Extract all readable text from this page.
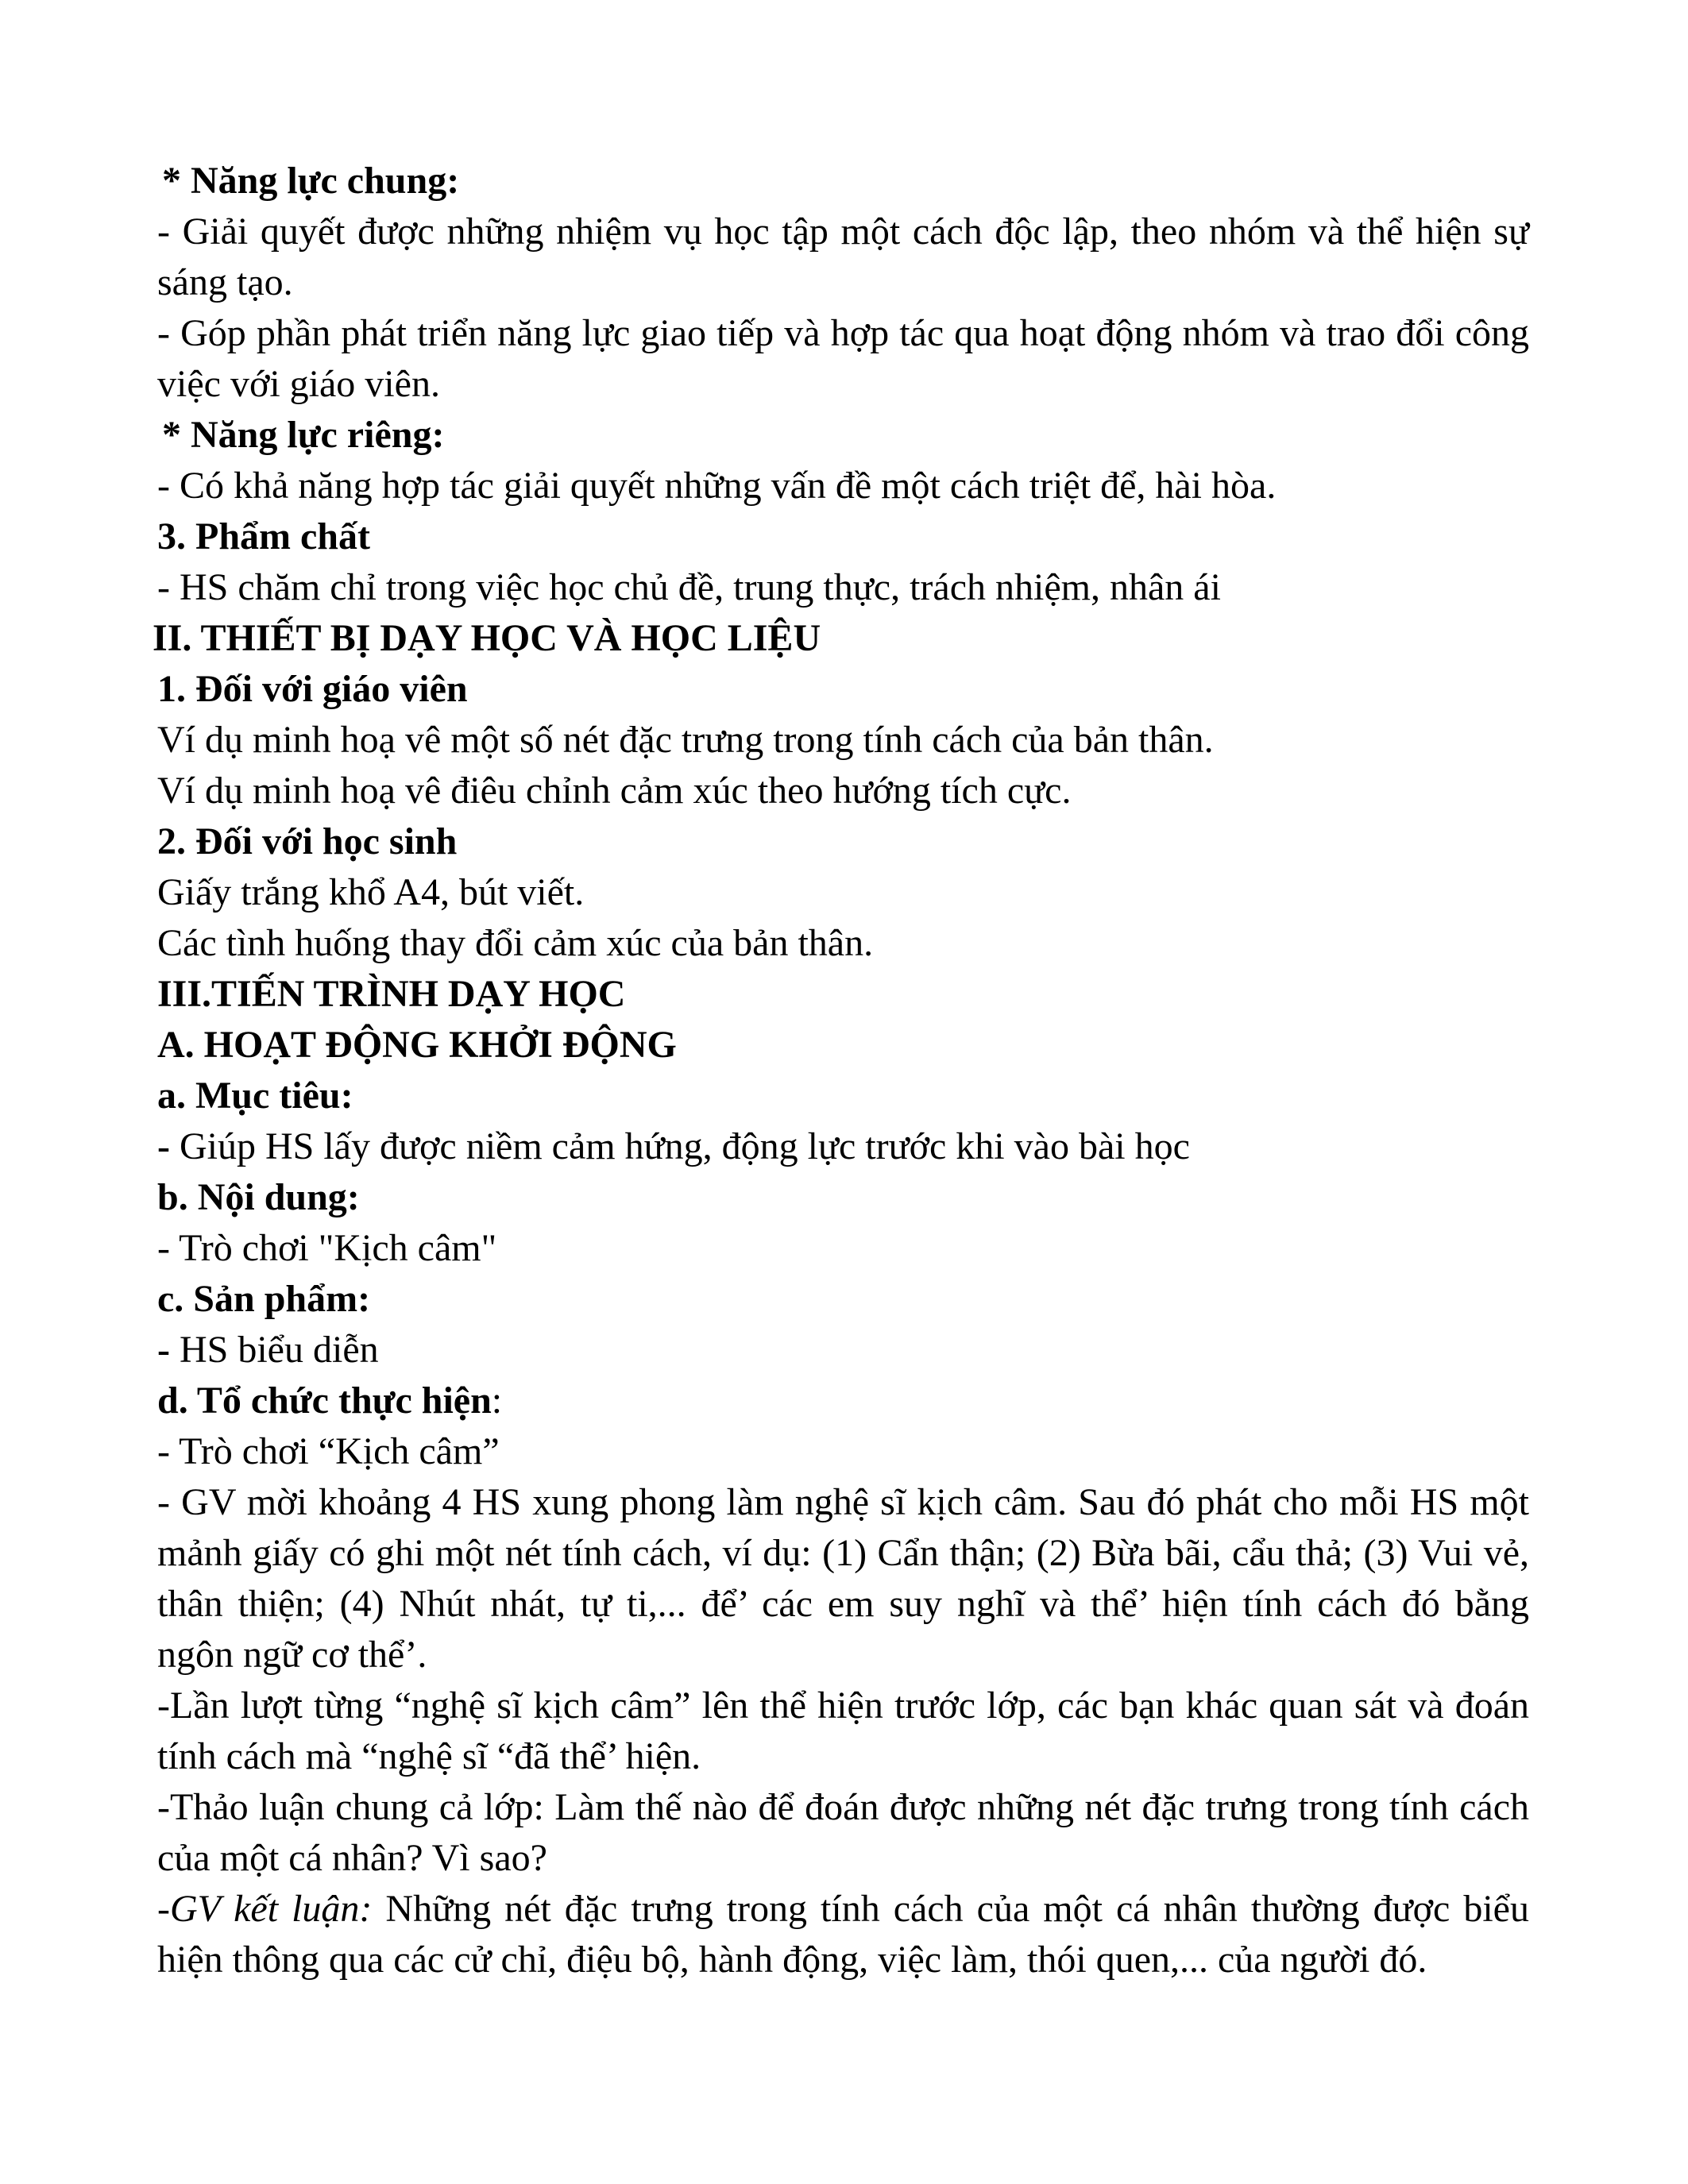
* Năng lực chung:
- Giải quyết được những nhiệm vụ học tập một cách độc lập, theo nhóm và thể hiện sự
sáng tạo.
- Góp phần phát triển năng lực giao tiếp và hợp tác qua hoạt động nhóm và trao đổi công
việc với giáo viên.
* Năng lực riêng:
- Có khả năng hợp tác giải quyết những vấn đề một cách triệt để, hài hòa.
3. Phẩm chất
- HS chăm chỉ trong việc học chủ đề, trung thực, trách nhiệm, nhân ái
II. THIẾT BỊ DẠY HỌC VÀ HỌC LIỆU
1. Đối với giáo viên
Ví dụ minh hoạ vê một số nét đặc trưng trong tính cách của bản thân.
Ví dụ minh hoạ vê điêu chỉnh cảm xúc theo hướng tích cực.
2. Đối với học sinh
Giấy trắng khổ A4, bút viết.
Các tình huống thay đổi cảm xúc của bản thân.
III.TIẾN TRÌNH DẠY HỌC
A. HOẠT ĐỘNG KHỞI ĐỘNG
a. Mục tiêu:
- Giúp HS lấy được niềm cảm hứng, động lực trước khi vào bài học
b. Nội dung:
- Trò chơi "Kịch câm"
c. Sản phẩm:
- HS biểu diễn
d. Tổ chức thực hiện:
- Trò chơi “Kịch câm”
- GV mời khoảng 4 HS xung phong làm nghệ sĩ kịch câm. Sau đó phát cho mỗi HS một
mảnh giấy có ghi một nét tính cách, ví dụ: (1) Cẩn thận; (2) Bừa bãi, cẩu thả; (3) Vui vẻ,
thân thiện; (4) Nhút nhát, tự ti,... để’ các em suy nghĩ và thể’ hiện tính cách đó bằng
ngôn ngữ cơ thể’.
-Lần lượt từng “nghệ sĩ kịch câm” lên thể hiện trước lớp, các bạn khác quan sát và đoán
tính cách mà “nghệ sĩ “đã thể’ hiện.
-Thảo luận chung cả lớp: Làm thế nào để đoán được những nét đặc trưng trong tính cách
của một cá nhân? Vì sao?
-GV kết luận: Những nét đặc trưng trong tính cách của một cá nhân thường được biểu
hiện thông qua các cử chỉ, điệu bộ, hành động, việc làm, thói quen,... của người đó.
